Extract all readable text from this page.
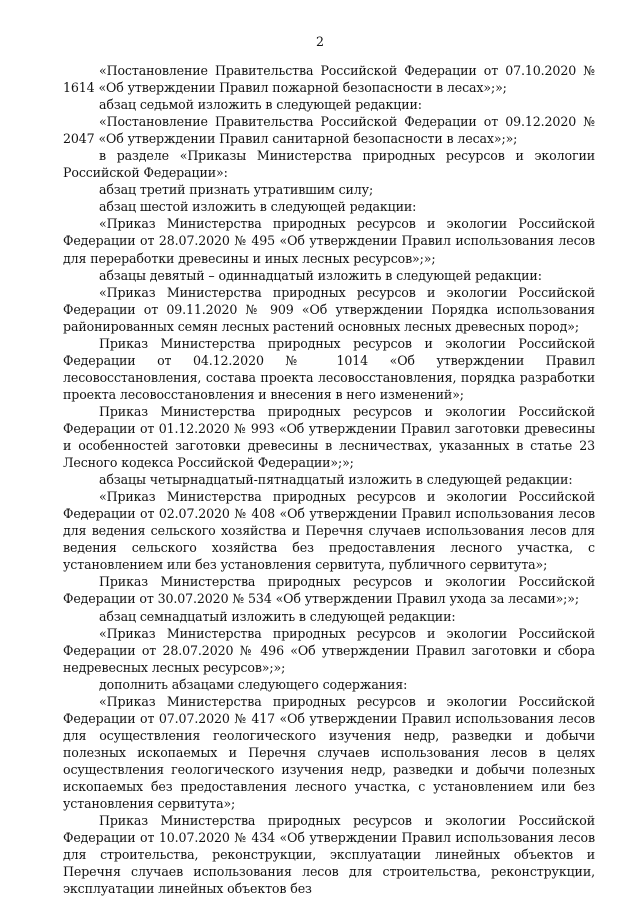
2

«Постановление Правительства Российской Федерации от 07.10.2020 № 1614 «Об утверждении Правил пожарной безопасности в лесах»;»;

абзац седьмой изложить в следующей редакции:

«Постановление Правительства Российской Федерации от 09.12.2020 № 2047 «Об утверждении Правил санитарной безопасности в лесах»;»;

в разделе «Приказы Министерства природных ресурсов и экологии Российской Федерации»:

абзац третий признать утратившим силу;

абзац шестой изложить в следующей редакции:

«Приказ Министерства природных ресурсов и экологии Российской Федерации от 28.07.2020 № 495 «Об утверждении Правил использования лесов для переработки древесины и иных лесных ресурсов»;»;

абзацы девятый – одиннадцатый изложить в следующей редакции:

«Приказ Министерства природных ресурсов и экологии Российской Федерации от 09.11.2020 № 909 «Об утверждении Порядка использования районированных семян лесных растений основных лесных древесных пород»;

Приказ Министерства природных ресурсов и экологии Российской Федерации от 04.12.2020 № 1014 «Об утверждении Правил лесовосстановления, состава проекта лесовосстановления, порядка разработки проекта лесовосстановления и внесения в него изменений»;

Приказ Министерства природных ресурсов и экологии Российской Федерации от 01.12.2020 № 993 «Об утверждении Правил заготовки древесины и особенностей заготовки древесины в лесничествах, указанных в статье 23 Лесного кодекса Российской Федерации»;»;

абзацы четырнадцатый-пятнадцатый изложить в следующей редакции:

«Приказ Министерства природных ресурсов и экологии Российской Федерации от 02.07.2020 № 408 «Об утверждении Правил использования лесов для ведения сельского хозяйства и Перечня случаев использования лесов для ведения сельского хозяйства без предоставления лесного участка, с установлением или без установления сервитута, публичного сервитута»;

Приказ Министерства природных ресурсов и экологии Российской Федерации от 30.07.2020 № 534 «Об утверждении Правил ухода за лесами»;»;

абзац семнадцатый изложить в следующей редакции:

«Приказ Министерства природных ресурсов и экологии Российской Федерации от 28.07.2020 № 496 «Об утверждении Правил заготовки и сбора недревесных лесных ресурсов»;»;

дополнить абзацами следующего содержания:

«Приказ Министерства природных ресурсов и экологии Российской Федерации от 07.07.2020 № 417 «Об утверждении Правил использования лесов для осуществления геологического изучения недр, разведки и добычи полезных ископаемых и Перечня случаев использования лесов в целях осуществления геологического изучения недр, разведки и добычи полезных ископаемых без предоставления лесного участка, с установлением или без установления сервитута»;

Приказ Министерства природных ресурсов и экологии Российской Федерации от 10.07.2020 № 434 «Об утверждении Правил использования лесов для строительства, реконструкции, эксплуатации линейных объектов и Перечня случаев использования лесов для строительства, реконструкции, эксплуатации линейных объектов без
